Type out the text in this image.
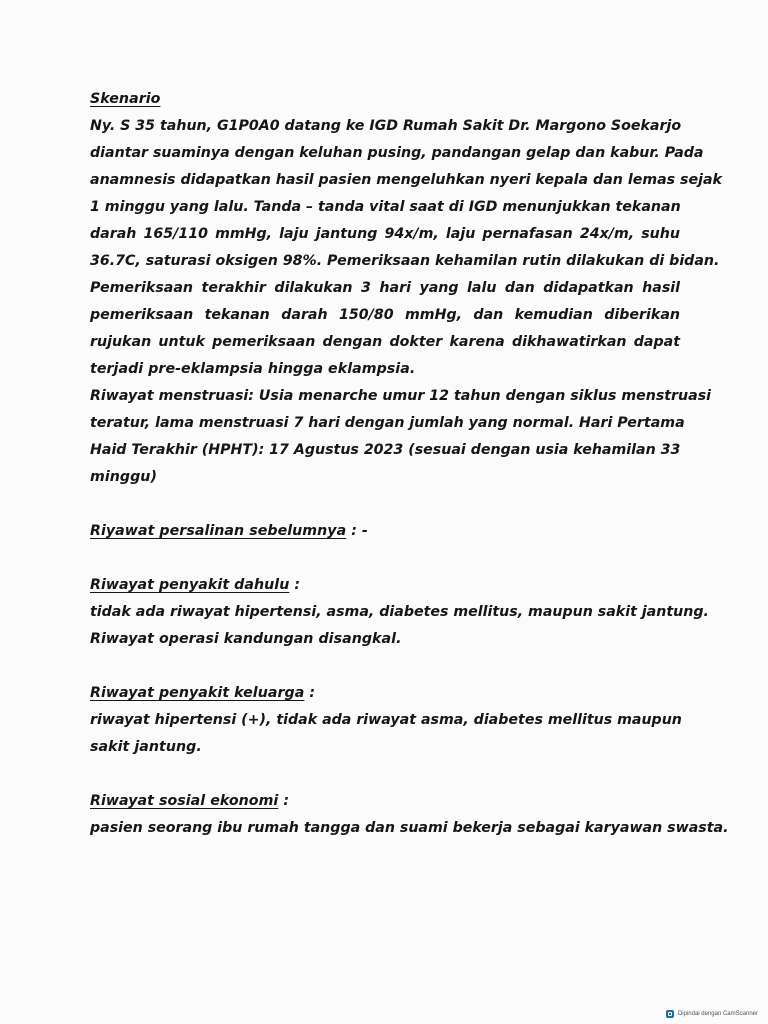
Skenario
Ny. S 35 tahun, G1P0A0 datang ke IGD Rumah Sakit Dr. Margono Soekarjo
diantar suaminya dengan keluhan pusing, pandangan gelap dan kabur. Pada
anamnesis didapatkan hasil pasien mengeluhkan nyeri kepala dan lemas sejak
1 minggu yang lalu. Tanda – tanda vital saat di IGD menunjukkan tekanan
darah 165/110 mmHg, laju jantung 94x/m, laju pernafasan 24x/m, suhu
36.7C, saturasi oksigen 98%. Pemeriksaan kehamilan rutin dilakukan di bidan.
Pemeriksaan terakhir dilakukan 3 hari yang lalu dan didapatkan hasil
pemeriksaan tekanan darah 150/80 mmHg, dan kemudian diberikan
rujukan untuk pemeriksaan dengan dokter karena dikhawatirkan dapat
terjadi pre-eklampsia hingga eklampsia.
Riwayat menstruasi: Usia menarche umur 12 tahun dengan siklus menstruasi
teratur, lama menstruasi 7 hari dengan jumlah yang normal. Hari Pertama
Haid Terakhir (HPHT): 17 Agustus 2023 (sesuai dengan usia kehamilan 33
minggu)
Riyawat persalinan sebelumnya : -
Riwayat penyakit dahulu :
tidak ada riwayat hipertensi, asma, diabetes mellitus, maupun sakit jantung.
Riwayat operasi kandungan disangkal.
Riwayat penyakit keluarga :
riwayat hipertensi (+), tidak ada riwayat asma, diabetes mellitus maupun
sakit jantung.
Riwayat sosial ekonomi :
pasien seorang ibu rumah tangga dan suami bekerja sebagai karyawan swasta.
Dipindai dengan CamScanner
